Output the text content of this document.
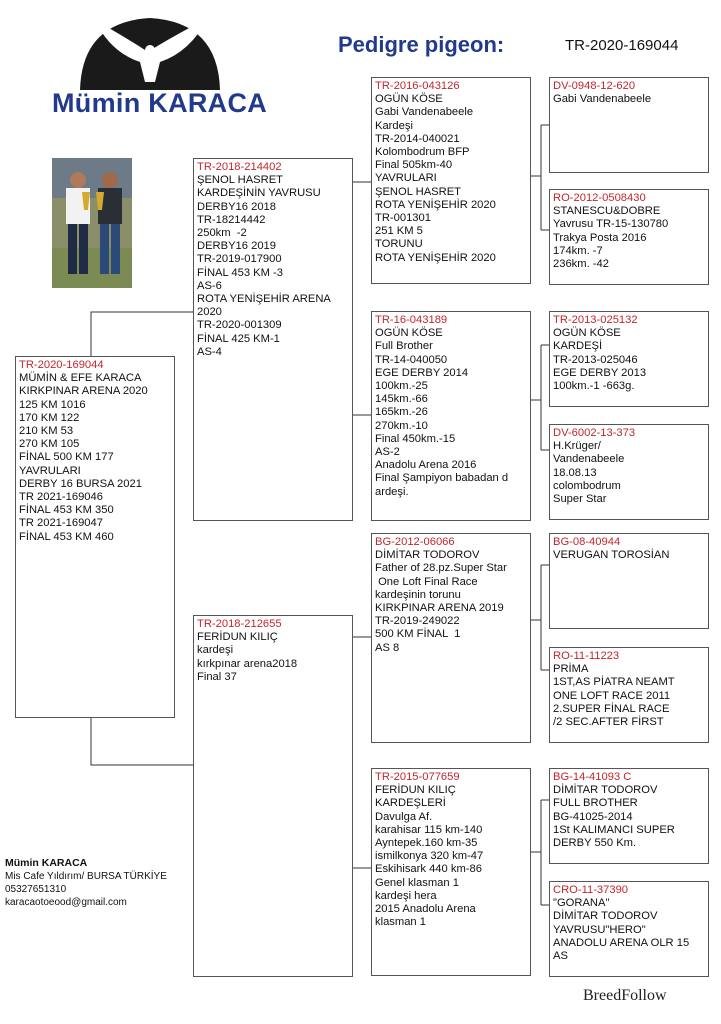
Mümin KARACA
Pedigre pigeon:	TR-2020-169044
TR-2020-169044
MÜMİN & EFE KARACA
KIRKPINAR ARENA 2020
125 KM 1016
170 KM 122
210 KM 53
270 KM 105
FİNAL 500 KM 177
YAVRULARI
DERBY 16 BURSA 2021
TR 2021-169046
FİNAL 453 KM 350
TR 2021-169047
FİNAL 453 KM 460
TR-2018-214402
ŞENOL HASRET
KARDEŞİNİN YAVRUSU
DERBY16 2018
TR-18214442
250km  -2
DERBY16 2019
TR-2019-017900
FİNAL 453 KM -3
AS-6
ROTA YENİŞEHİR ARENA
2020
TR-2020-001309
FİNAL 425 KM-1
AS-4
TR-2018-212655
FERİDUN KILIÇ
kardeşi
kırkpınar arena2018
Final 37
TR-2016-043126
OGÜN KÖSE
Gabi Vandenabeele
Kardeşi
TR-2014-040021
Kolombodrum BFP
Final 505km-40
YAVRULARI
ŞENOL HASRET
ROTA YENİŞEHİR 2020
TR-001301
251 KM 5
TORUNU
ROTA YENİŞEHİR 2020
TR-16-043189
OGÜN KÖSE
Full Brother
TR-14-040050
EGE DERBY 2014
100km.-25
145km.-66
165km.-26
270km.-10
Final 450km.-15
AS-2
Anadolu Arena 2016
Final Şampiyon babadan d
ardeşi.
BG-2012-06066
DİMİTAR TODOROV
Father of 28.pz.Super Star
One Loft Final Race
kardeşinin torunu
KIRKPINAR ARENA 2019
TR-2019-249022
500 KM FİNAL  1
AS 8
TR-2015-077659
FERİDUN KILIÇ
KARDEŞLERİ
Davulga Af.
karahisar 115 km-140
Ayntepek.160 km-35
ismilkonya 320 km-47
Eskihisark 440 km-86
Genel klasman 1
kardeşi hera
2015 Anadolu Arena
klasman 1
DV-0948-12-620
Gabi Vandenabeele
RO-2012-0508430
STANESCU&DOBRE
Yavrusu TR-15-130780
Trakya Posta 2016
174km. -7
236km. -42
TR-2013-025132
OGÜN KÖSE
KARDEŞİ
TR-2013-025046
EGE DERBY 2013
100km.-1 -663g.
DV-6002-13-373
H.Krüger/
Vandenabeele
18.08.13
colombodrum
Super Star
BG-08-40944
VERUGAN TOROSİAN
RO-11-11223
PRİMA
1ST,AS PİATRA NEAMT
ONE LOFT RACE 2011
2.SUPER FİNAL RACE
/2 SEC.AFTER FİRST
BG-14-41093 C
DİMİTAR TODOROV
FULL BROTHER
BG-41025-2014
1St KALIMANCI SUPER
DERBY 550 Km.
CRO-11-37390
"GORANA"
DİMİTAR TODOROV
YAVRUSU"HERO"
ANADOLU ARENA OLR 15
AS
Mümin KARACA
Mis Cafe Yıldırım/ BURSA TÜRKİYE
05327651310
karacaotoeood@gmail.com
BreedFollow
